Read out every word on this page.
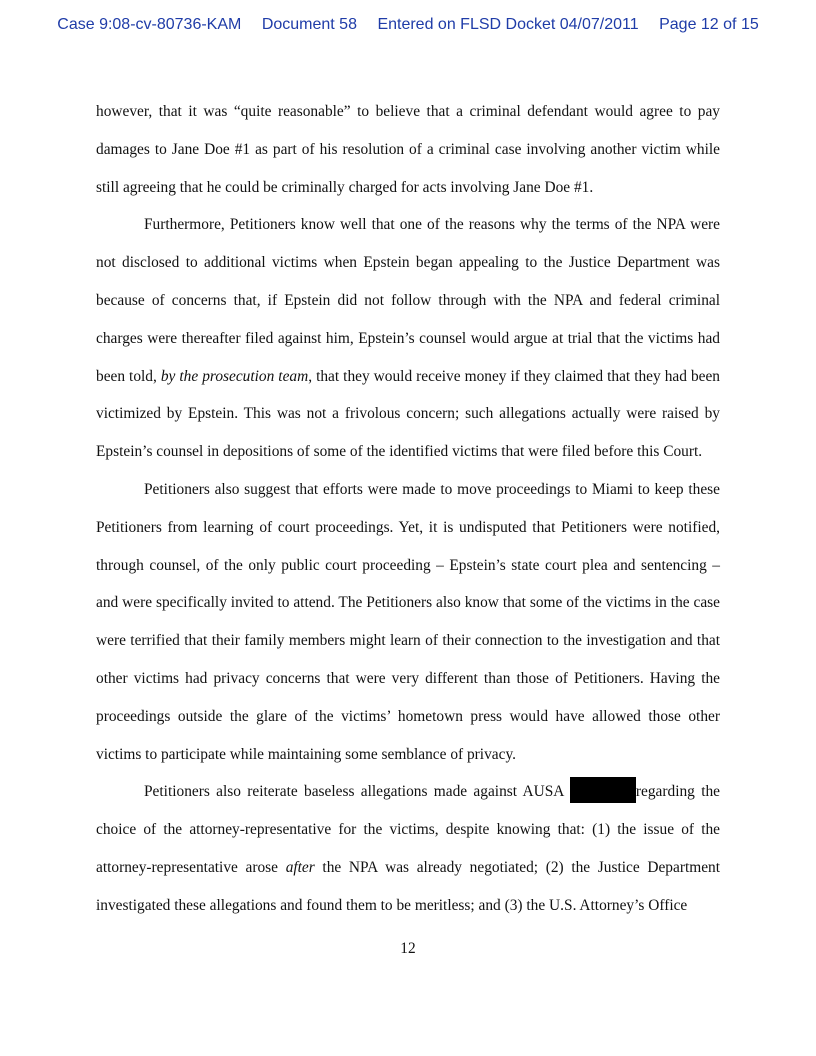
Case 9:08-cv-80736-KAM Document 58 Entered on FLSD Docket 04/07/2011 Page 12 of 15

however, that it was “quite reasonable” to believe that a criminal defendant would agree to pay damages to Jane Doe #1 as part of his resolution of a criminal case involving another victim while still agreeing that he could be criminally charged for acts involving Jane Doe #1.

Furthermore, Petitioners know well that one of the reasons why the terms of the NPA were not disclosed to additional victims when Epstein began appealing to the Justice Department was because of concerns that, if Epstein did not follow through with the NPA and federal criminal charges were thereafter filed against him, Epstein’s counsel would argue at trial that the victims had been told, by the prosecution team, that they would receive money if they claimed that they had been victimized by Epstein. This was not a frivolous concern; such allegations actually were raised by Epstein’s counsel in depositions of some of the identified victims that were filed before this Court.

Petitioners also suggest that efforts were made to move proceedings to Miami to keep these Petitioners from learning of court proceedings. Yet, it is undisputed that Petitioners were notified, through counsel, of the only public court proceeding – Epstein’s state court plea and sentencing – and were specifically invited to attend. The Petitioners also know that some of the victims in the case were terrified that their family members might learn of their connection to the investigation and that other victims had privacy concerns that were very different than those of Petitioners. Having the proceedings outside the glare of the victims’ hometown press would have allowed those other victims to participate while maintaining some semblance of privacy.

Petitioners also reiterate baseless allegations made against AUSA	regarding the choice of the attorney-representative for the victims, despite knowing that: (1) the issue of the attorney-representative arose after the NPA was already negotiated; (2) the Justice Department investigated these allegations and found them to be meritless; and (3) the U.S. Attorney’s Office

12
